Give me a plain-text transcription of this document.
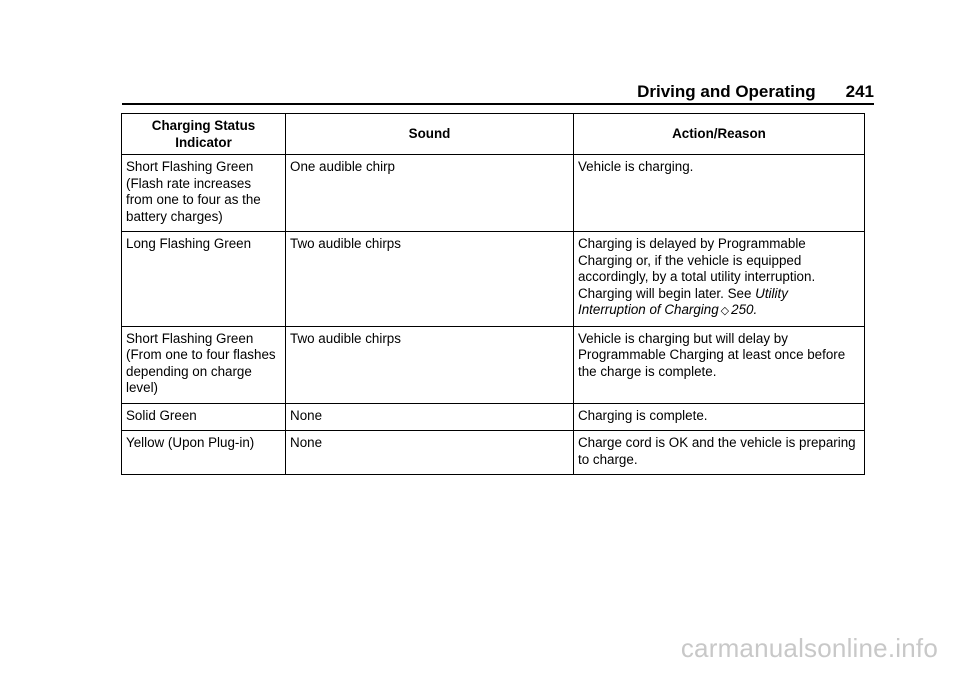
Driving and Operating 241
Charging Status Indicator	Sound	Action/Reason
Short Flashing Green (Flash rate increases from one to four as the battery charges)	One audible chirp	Vehicle is charging.
Long Flashing Green	Two audible chirps	Charging is delayed by Programmable Charging or, if the vehicle is equipped accordingly, by a total utility interruption. Charging will begin later. See Utility Interruption of Charging ◇ 250.
Short Flashing Green (From one to four flashes depending on charge level)	Two audible chirps	Vehicle is charging but will delay by Programmable Charging at least once before the charge is complete.
Solid Green	None	Charging is complete.
Yellow (Upon Plug-in)	None	Charge cord is OK and the vehicle is preparing to charge.
carmanualsonline.info
